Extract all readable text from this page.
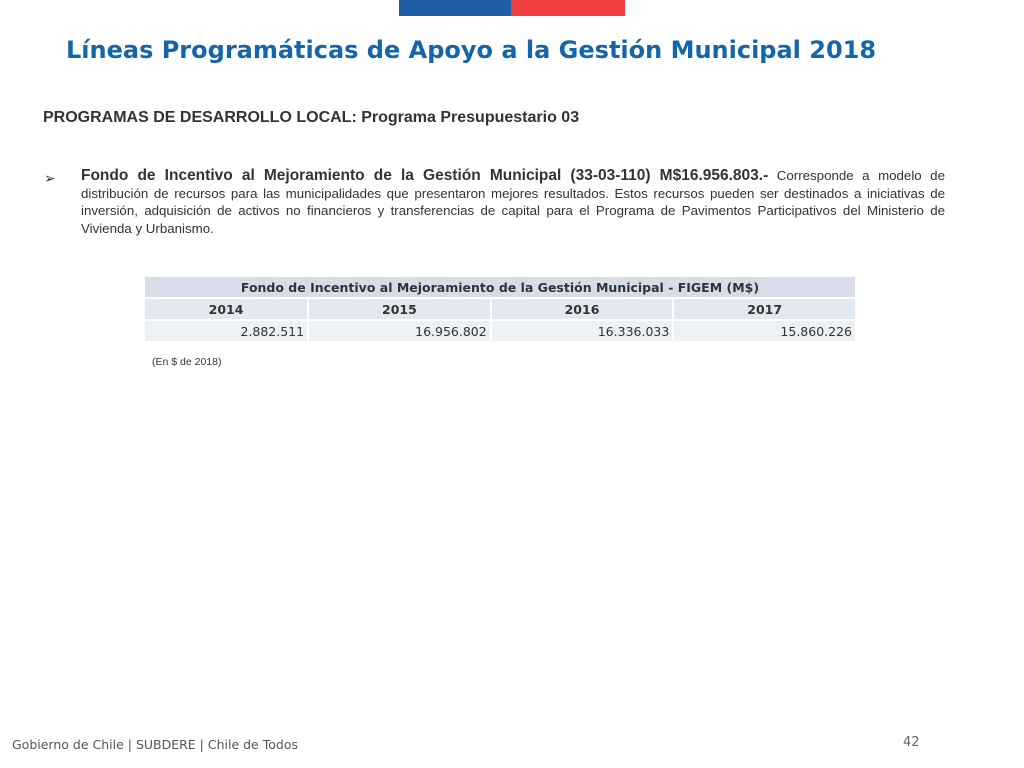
Líneas Programáticas de Apoyo a la Gestión Municipal 2018

PROGRAMAS DE DESARROLLO LOCAL: Programa Presupuestario 03

➢ Fondo de Incentivo al Mejoramiento de la Gestión Municipal (33-03-110) M$16.956.803.- Corresponde a modelo de distribución de recursos para las municipalidades que presentaron mejores resultados. Estos recursos pueden ser destinados a iniciativas de inversión, adquisición de activos no financieros y transferencias de capital para el Programa de Pavimentos Participativos del Ministerio de Vivienda y Urbanismo.

Fondo de Incentivo al Mejoramiento de la Gestión Municipal - FIGEM (M$)			
2014	2015	2016	2017
2.882.511	16.956.802	16.336.033	15.860.226

(En $ de 2018)

Gobierno de Chile | SUBDERE | Chile de Todos	42
